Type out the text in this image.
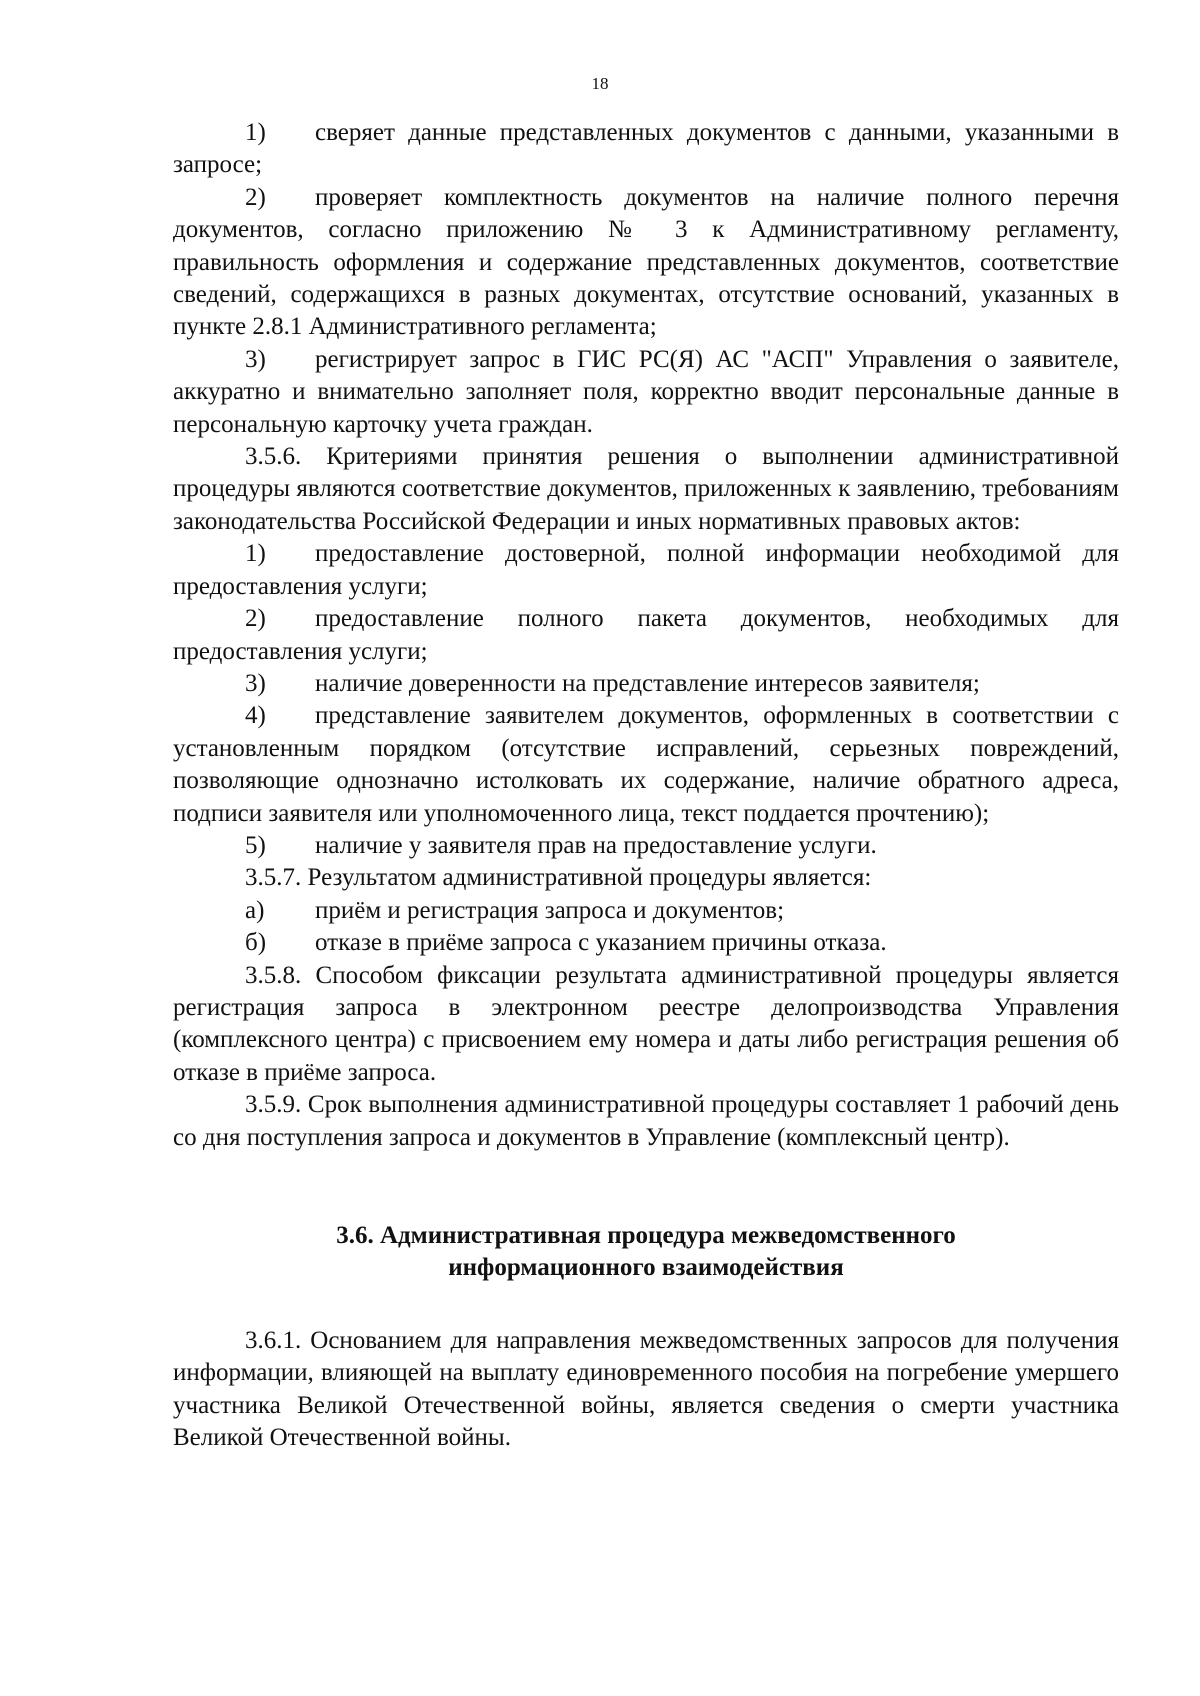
18

1) сверяет данные представленных документов с данными, указанными в запросе;

2) проверяет комплектность документов на наличие полного перечня документов, согласно приложению № 3 к Административному регламенту, правильность оформления и содержание представленных документов, соответствие сведений, содержащихся в разных документах, отсутствие оснований, указанных в пункте 2.8.1 Административного регламента;

3) регистрирует запрос в ГИС РС(Я) АС "АСП" Управления о заявителе, аккуратно и внимательно заполняет поля, корректно вводит персональные данные в персональную карточку учета граждан.

3.5.6. Критериями принятия решения о выполнении административной процедуры являются соответствие документов, приложенных к заявлению, требованиям законодательства Российской Федерации и иных нормативных правовых актов:

1) предоставление достоверной, полной информации необходимой для предоставления услуги;

2) предоставление полного пакета документов, необходимых для предоставления услуги;

3) наличие доверенности на представление интересов заявителя;

4) представление заявителем документов, оформленных в соответствии с установленным порядком (отсутствие исправлений, серьезных повреждений, позволяющие однозначно истолковать их содержание, наличие обратного адреса, подписи заявителя или уполномоченного лица, текст поддается прочтению);

5) наличие у заявителя прав на предоставление услуги.

3.5.7. Результатом административной процедуры является:

а) приём и регистрация запроса и документов;

б) отказе в приёме запроса с указанием причины отказа.

3.5.8. Способом фиксации результата административной процедуры является регистрация запроса в электронном реестре делопроизводства Управления (комплексного центра) с присвоением ему номера и даты либо регистрация решения об отказе в приёме запроса.

3.5.9. Срок выполнения административной процедуры составляет 1 рабочий день со дня поступления запроса и документов в Управление (комплексный центр).

3.6. Административная процедура межведомственного

информационного взаимодействия

3.6.1. Основанием для направления межведомственных запросов для получения информации, влияющей на выплату единовременного пособия на погребение умершего участника Великой Отечественной войны, является сведения о смерти участника Великой Отечественной войны.
